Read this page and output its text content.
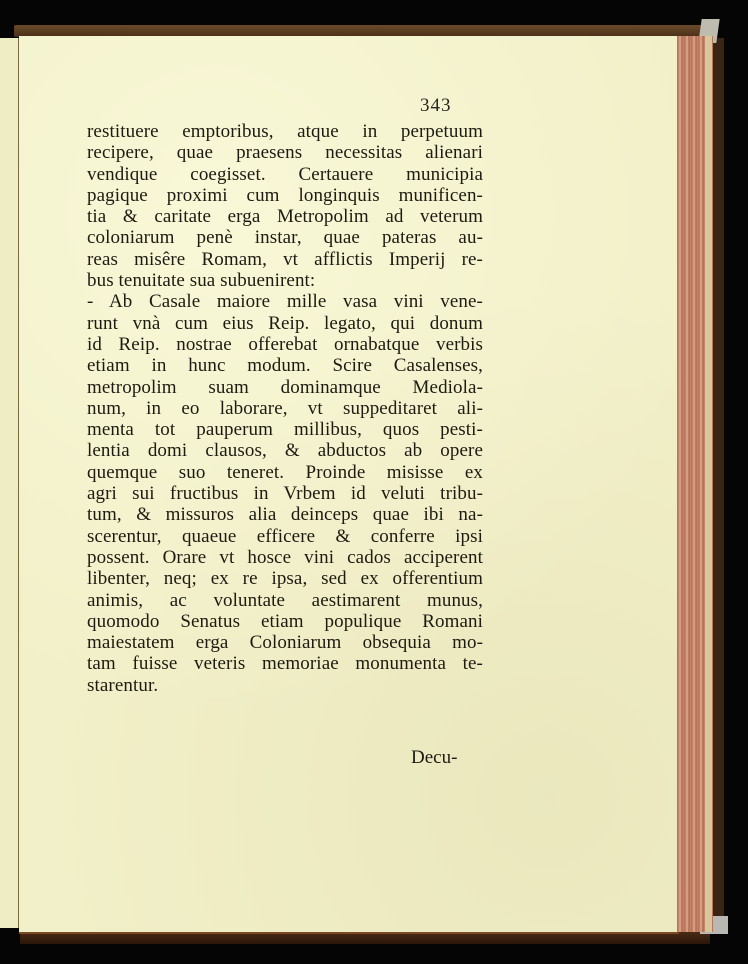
343
restituere emptoribus, atque in perpetuum
recipere, quae praesens necessitas alienari
vendique coegisset. Certauere municipia
pagique proximi cum longinquis munificen-
tia & caritate erga Metropolim ad veterum
coloniarum penè instar, quae pateras au-
reas misêre Romam, vt afflictis Imperij re-
bus tenuitate sua subuenirent:
- Ab Casale maiore mille vasa vini vene-
runt vnà cum eius Reip. legato, qui donum
id Reip. nostrae offerebat ornabatque verbis
etiam in hunc modum. Scire Casalenses,
metropolim suam dominamque Mediola-
num, in eo laborare, vt suppeditaret ali-
menta tot pauperum millibus, quos pesti-
lentia domi clausos, & abductos ab opere
quemque suo teneret. Proinde misisse ex
agri sui fructibus in Vrbem id veluti tribu-
tum, & missuros alia deinceps quae ibi na-
scerentur, quaeue efficere & conferre ipsi
possent. Orare vt hosce vini cados acciperent
libenter, neq; ex re ipsa, sed ex offerentium
animis, ac voluntate aestimarent munus,
quomodo Senatus etiam populique Romani
maiestatem erga Coloniarum obsequia mo-
tam fuisse veteris memoriae monumenta te-
starentur.
Decu-
